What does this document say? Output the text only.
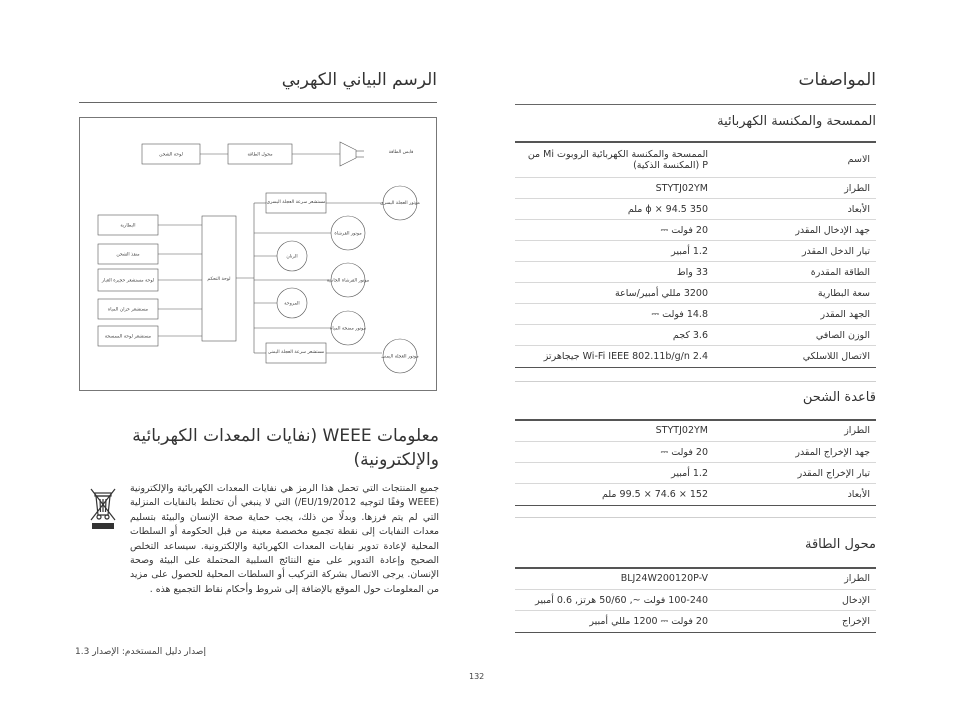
المواصفات
الممسحة والمكنسة الكهربائية
الاسم	الممسحة والمكنسة الكهربائية الروبوت Mi من P (المكنسة الذكية)
الطراز	STYTJ02YM
الأبعاد	350 ϕ × 94.5 ملم
جهد الإدخال المقدر	20 فولت ⎓
تيار الدخل المقدر	1.2 أمبير
الطاقة المقدرة	33 واط
سعة البطارية	3200 مللي أمبير/ساعة
الجهد المقدر	14.8 فولت ⎓
الوزن الصافي	3.6 كجم
الاتصال اللاسلكي	Wi-Fi IEEE 802.11b/g/n 2.4 جيجاهرتز
قاعدة الشحن
الطراز	STYTJ02YM
جهد الإخراج المقدر	20 فولت ⎓
تيار الإخراج المقدر	1.2 أمبير
الأبعاد	152 × 74.6 × 99.5 ملم
محول الطاقة
الطراز	BLJ24W200120P-V
الإدخال	100-240 فولت ~, 50/60 هرتز, 0.6 أمبير
الإخراج	20 فولت ⎓ 1200 مللي أمبير
الرسم البياني الكهربي
لوحة الشحن	محول الطاقة	قابس الطاقة
مستشعر سرعة العجلة اليسرى	موتور العجلة اليسرى
البطارية
منفذ الشحن
لوحة مستشعر حجيرة الغبار
مستشعر خزان المياه
مستشعر لوحة الممسحة
لوحة التحكم
موتور الفرشاة
الرنان
موتور الفرشاة الجانبية
المروحة
موتور مضخة المياه
مستشعر سرعة العجلة اليمنى
موتور العجلة اليمنى
معلومات WEEE (نفايات المعدات الكهربائية والإلكترونية)
جميع المنتجات التي تحمل هذا الرمز هي نفايات المعدات الكهربائية والإلكترونية (WEEE وفقًا لتوجيه EU/19/2012/) التي لا ينبغي أن تختلط بالنفايات المنزلية التي لم يتم فرزها. وبدلًا من ذلك، يجب حماية صحة الإنسان والبيئة بتسليم معدات النفايات إلى نقطة تجميع مخصصة معينة من قبل الحكومة أو السلطات المحلية لإعادة تدوير نفايات المعدات الكهربائية والإلكترونية. سيساعد التخلص الصحيح وإعادة التدوير على منع النتائج السلبية المحتملة على البيئة وصحة الإنسان. يرجى الاتصال بشركة التركيب أو السلطات المحلية للحصول على مزيد من المعلومات حول الموقع بالإضافة إلى شروط وأحكام نقاط التجميع هذه .
إصدار دليل المستخدم: الإصدار 1.3
132
